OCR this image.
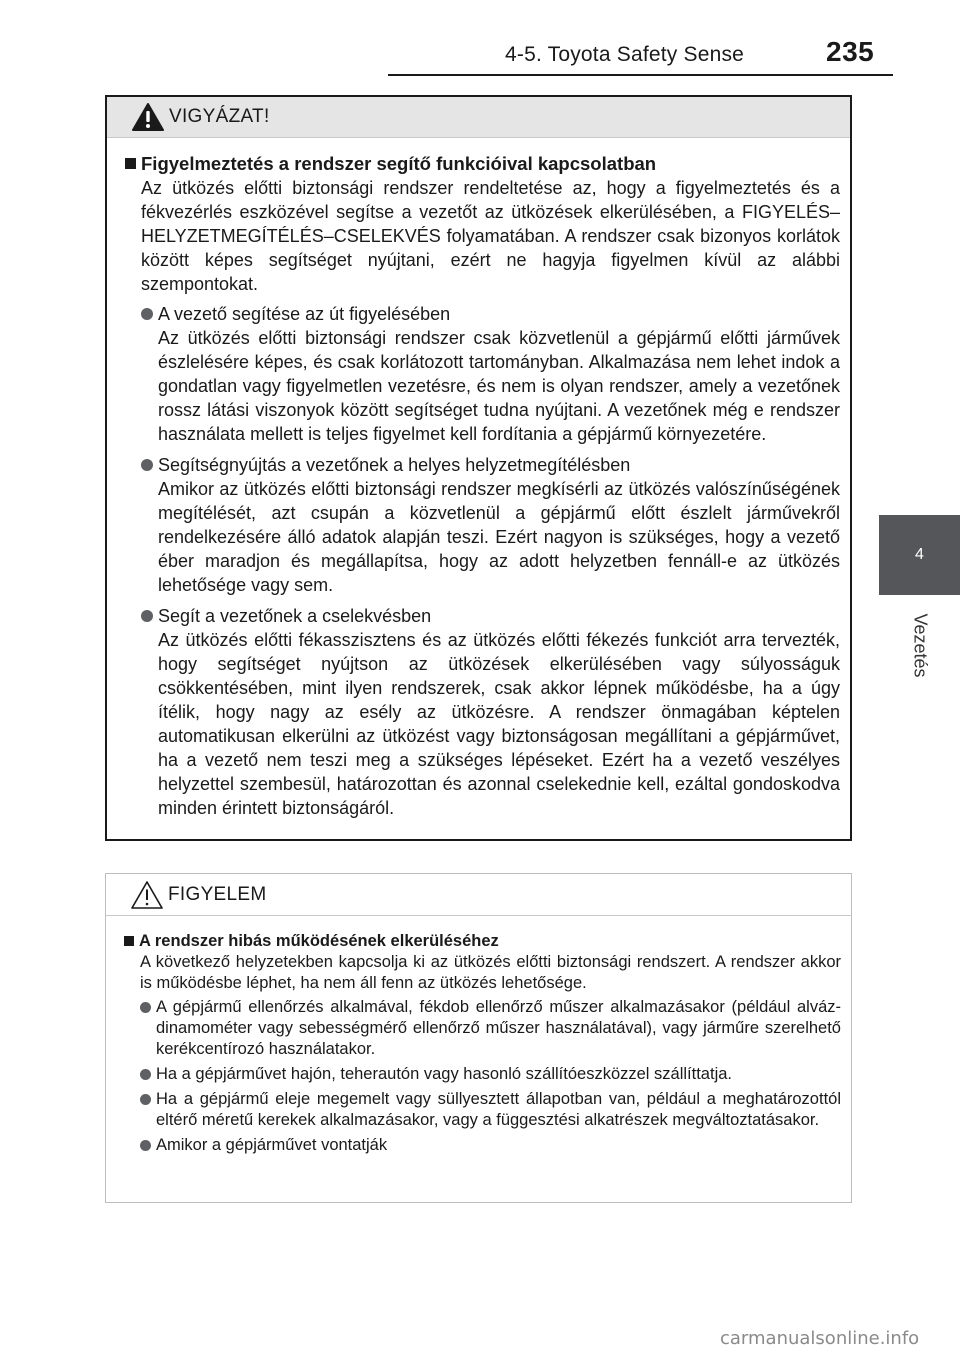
4-5. Toyota Safety Sense	235
4
Vezetés
VIGYÁZAT!

Figyelmeztetés a rendszer segítő funkcióival kapcsolatban

Az ütközés előtti biztonsági rendszer rendeltetése az, hogy a figyelmeztetés és a fékvezérlés eszközével segítse a vezetőt az ütközések elkerülésében, a FIGYELÉS–HELYZETMEGÍTÉLÉS–CSELEKVÉS folyamatában. A rendszer csak bizonyos korlátok között képes segítséget nyújtani, ezért ne hagyja figyelmen kívül az alábbi szempontokat.

A vezető segítése az út figyelésében

Az ütközés előtti biztonsági rendszer csak közvetlenül a gépjármű előtti járművek észlelésére képes, és csak korlátozott tartományban. Alkalmazása nem lehet indok a gondatlan vagy figyelmetlen vezetésre, és nem is olyan rendszer, amely a vezetőnek rossz látási viszonyok között segítséget tudna nyújtani. A vezetőnek még e rendszer használata mellett is teljes figyelmet kell fordítania a gépjármű környezetére.

Segítségnyújtás a vezetőnek a helyes helyzetmegítélésben

Amikor az ütközés előtti biztonsági rendszer megkísérli az ütközés valószínűségének megítélését, azt csupán a közvetlenül a gépjármű előtt észlelt járművekről rendelkezésére álló adatok alapján teszi. Ezért nagyon is szükséges, hogy a vezető éber maradjon és megállapítsa, hogy az adott helyzetben fennáll-e az ütközés lehetősége vagy sem.

Segít a vezetőnek a cselekvésben

Az ütközés előtti fékasszisztens és az ütközés előtti fékezés funkciót arra tervezték, hogy segítséget nyújtson az ütközések elkerülésében vagy súlyosságuk csökkentésében, mint ilyen rendszerek, csak akkor lépnek működésbe, ha a úgy ítélik, hogy nagy az esély az ütközésre. A rendszer önmagában képtelen automatikusan elkerülni az ütközést vagy biztonságosan megállítani a gépjárművet, ha a vezető nem teszi meg a szükséges lépéseket. Ezért ha a vezető veszélyes helyzettel szembesül, határozottan és azonnal cselekednie kell, ezáltal gondoskodva minden érintett biztonságáról.

FIGYELEM

A rendszer hibás működésének elkerüléséhez

A következő helyzetekben kapcsolja ki az ütközés előtti biztonsági rendszert. A rendszer akkor is működésbe léphet, ha nem áll fenn az ütközés lehetősége.

A gépjármű ellenőrzés alkalmával, fékdob ellenőrző műszer alkalmazásakor (például alváz-dinamométer vagy sebességmérő ellenőrző műszer használatával), vagy járműre szerelhető kerékcentírozó használatakor.

Ha a gépjárművet hajón, teherautón vagy hasonló szállítóeszközzel szállíttatja.

Ha a gépjármű eleje megemelt vagy süllyesztett állapotban van, például a meghatározottól eltérő méretű kerekek alkalmazásakor, vagy a függesztési alkatrészek megváltoztatásakor.

Amikor a gépjárművet vontatják

carmanualsonline.info
